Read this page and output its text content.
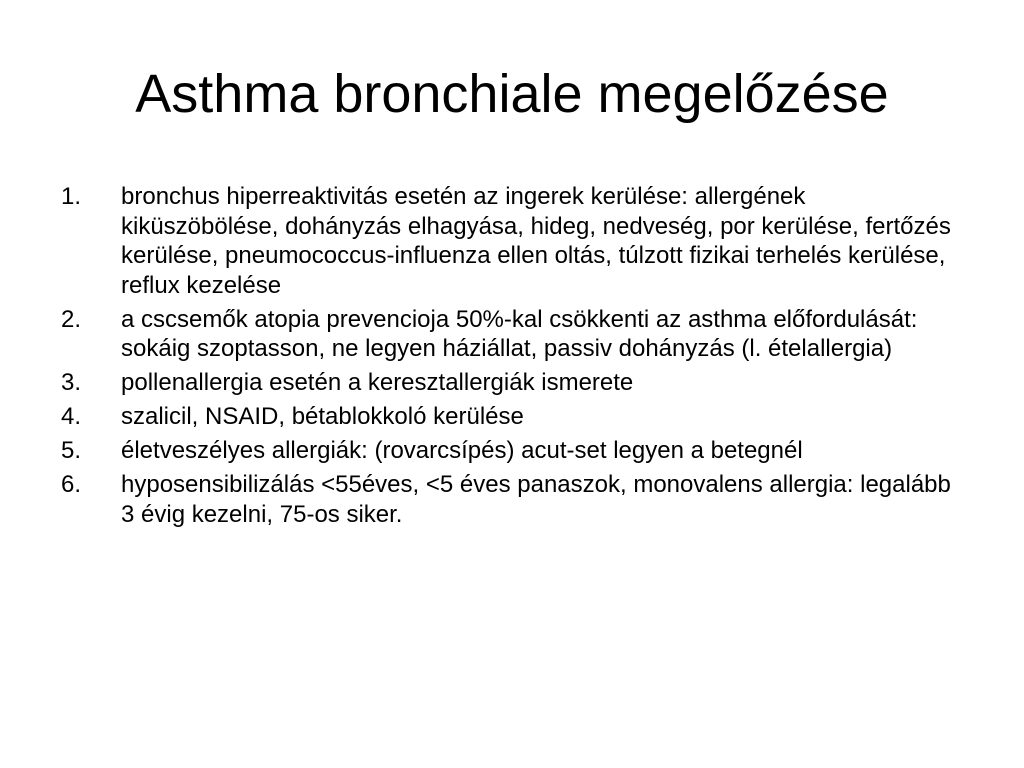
Asthma bronchiale megelőzése
1.	bronchus hiperreaktivitás esetén az ingerek kerülése: allergének kiküszöbölése, dohányzás elhagyása, hideg, nedveség, por kerülése, fertőzés kerülése, pneumococcus-influenza ellen oltás, túlzott fizikai terhelés kerülése, reflux kezelése
2.	a cscsemők atopia prevencioja 50%-kal csökkenti az asthma előfordulását: sokáig szoptasson, ne legyen háziállat, passiv dohányzás (l. ételallergia)
3.	pollenallergia esetén a keresztallergiák ismerete
4.	szalicil, NSAID, bétablokkoló kerülése
5.	életveszélyes allergiák: (rovarcsípés) acut-set legyen a betegnél
6.	hyposensibilizálás <55éves, <5 éves panaszok, monovalens allergia: legalább 3 évig kezelni, 75-os siker.
